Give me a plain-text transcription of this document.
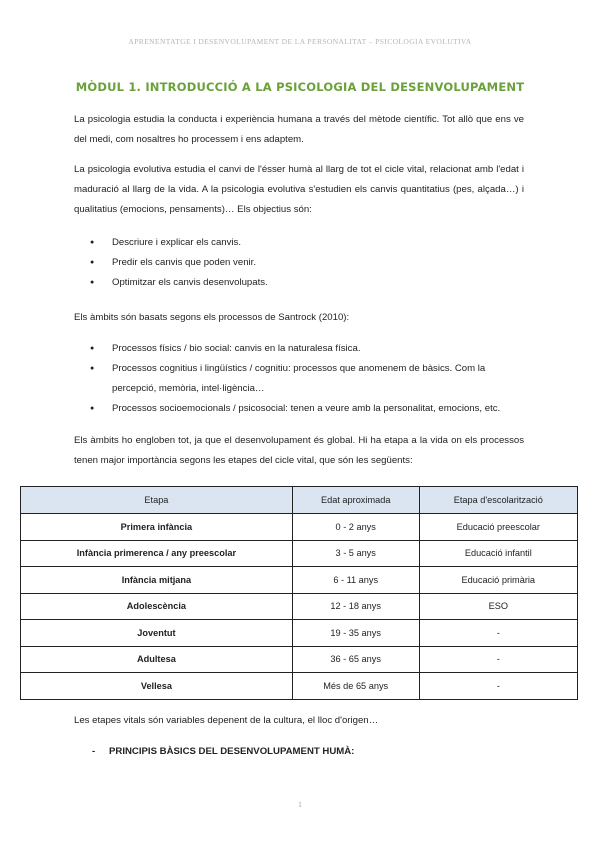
APRENENTATGE I DESENVOLUPAMENT DE LA PERSONALITAT – PSICOLOGIA EVOLUTIVA
MÒDUL 1. INTRODUCCIÓ A LA PSICOLOGIA DEL DESENVOLUPAMENT

La psicologia estudia la conducta i experiència humana a través del mètode científic. Tot allò que ens ve del medi, com nosaltres ho processem i ens adaptem.

La psicologia evolutiva estudia el canvi de l'ésser humà al llarg de tot el cicle vital, relacionat amb l'edat i maduració al llarg de la vida. A la psicologia evolutiva s'estudien els canvis quantitatius (pes, alçada…) i qualitatius (emocions, pensaments)… Els objectius són:

● Descriure i explicar els canvis.
● Predir els canvis que poden venir.
● Optimitzar els canvis desenvolupats.

Els àmbits són basats segons els processos de Santrock (2010):

● Processos físics / bio social: canvis en la naturalesa física.
● Processos cognitius i lingüístics / cognitiu: processos que anomenem de bàsics. Com la percepció, memòria, intel·ligència…
● Processos socioemocionals / psicosocial: tenen a veure amb la personalitat, emocions, etc.

Els àmbits ho engloben tot, ja que el desenvolupament és global. Hi ha etapa a la vida on els processos tenen major importància segons les etapes del cicle vital, que són les següents:

Etapa	Edat aproximada	Etapa d'escolarització
Primera infància	0 - 2 anys	Educació preescolar
Infància primerenca / any preescolar	3 - 5 anys	Educació infantil
Infància mitjana	6 - 11 anys	Educació primària
Adolescència	12 - 18 anys	ESO
Joventut	19 - 35 anys	-
Adultesa	36 - 65 anys	-
Vellesa	Més de 65 anys	-

Les etapes vitals són variables depenent de la cultura, el lloc d'origen…

- PRINCIPIS BÀSICS DEL DESENVOLUPAMENT HUMÀ:
1
